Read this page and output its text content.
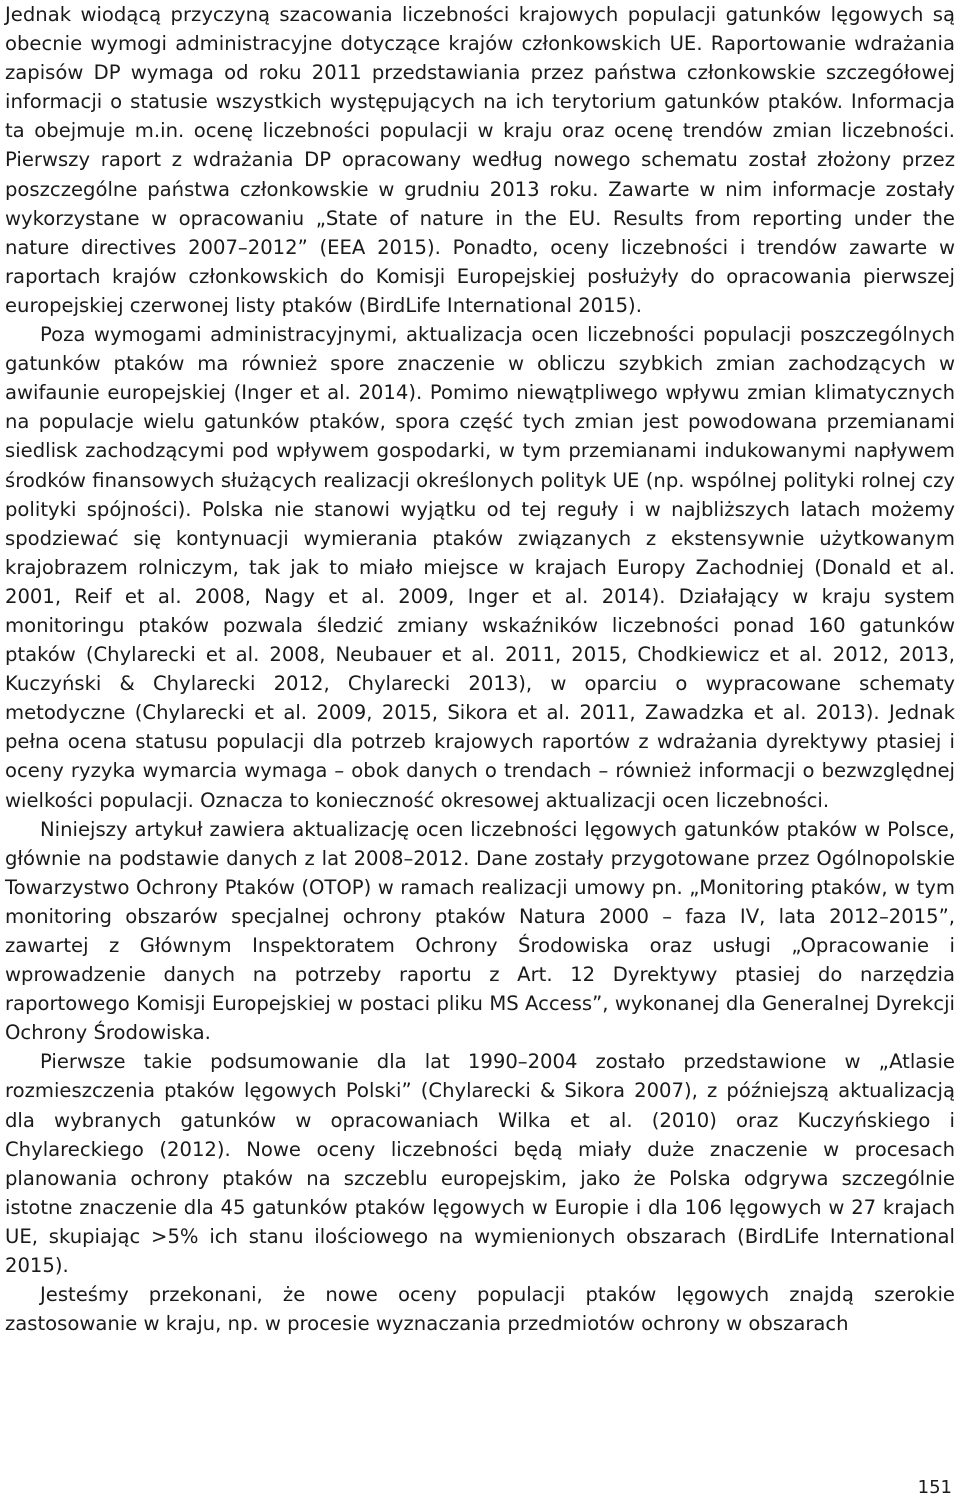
Jednak wiodącą przyczyną szacowania liczebności krajowych populacji gatunków lęgowych są obecnie wymogi administracyjne dotyczące krajów członkowskich UE. Raportowanie wdrażania zapisów DP wymaga od roku 2011 przedstawiania przez państwa członkowskie szczegółowej informacji o statusie wszystkich występujących na ich terytorium gatunków ptaków. Informacja ta obejmuje m.in. ocenę liczebności populacji w kraju oraz ocenę trendów zmian liczebności. Pierwszy raport z wdrażania DP opracowany według nowego schematu został złożony przez poszczególne państwa członkowskie w grudniu 2013 roku. Zawarte w nim informacje zostały wykorzystane w opracowaniu „State of nature in the EU. Results from reporting under the nature directives 2007–2012” (EEA 2015). Ponadto, oceny liczebności i trendów zawarte w raportach krajów członkowskich do Komisji Europejskiej posłużyły do opracowania pierwszej europejskiej czerwonej listy ptaków (BirdLife International 2015).

Poza wymogami administracyjnymi, aktualizacja ocen liczebności populacji poszczególnych gatunków ptaków ma również spore znaczenie w obliczu szybkich zmian zachodzących w awifaunie europejskiej (Inger et al. 2014). Pomimo niewątpliwego wpływu zmian klimatycznych na populacje wielu gatunków ptaków, spora część tych zmian jest powodowana przemianami siedlisk zachodzącymi pod wpływem gospodarki, w tym przemianami indukowanymi napływem środków finansowych służących realizacji określonych polityk UE (np. wspólnej polityki rolnej czy polityki spójności). Polska nie stanowi wyjątku od tej reguły i w najbliższych latach możemy spodziewać się kontynuacji wymierania ptaków związanych z ekstensywnie użytkowanym krajobrazem rolniczym, tak jak to miało miejsce w krajach Europy Zachodniej (Donald et al. 2001, Reif et al. 2008, Nagy et al. 2009, Inger et al. 2014). Działający w kraju system monitoringu ptaków pozwala śledzić zmiany wskaźników liczebności ponad 160 gatunków ptaków (Chylarecki et al. 2008, Neubauer et al. 2011, 2015, Chodkiewicz et al. 2012, 2013, Kuczyński & Chylarecki 2012, Chylarecki 2013), w oparciu o wypracowane schematy metodyczne (Chylarecki et al. 2009, 2015, Sikora et al. 2011, Zawadzka et al. 2013). Jednak pełna ocena statusu populacji dla potrzeb krajowych raportów z wdrażania dyrektywy ptasiej i oceny ryzyka wymarcia wymaga – obok danych o trendach – również informacji o bezwzględnej wielkości populacji. Oznacza to konieczność okresowej aktualizacji ocen liczebności.

Niniejszy artykuł zawiera aktualizację ocen liczebności lęgowych gatunków ptaków w Polsce, głównie na podstawie danych z lat 2008–2012. Dane zostały przygotowane przez Ogólnopolskie Towarzystwo Ochrony Ptaków (OTOP) w ramach realizacji umowy pn. „Monitoring ptaków, w tym monitoring obszarów specjalnej ochrony ptaków Natura 2000 – faza IV, lata 2012–2015”, zawartej z Głównym Inspektoratem Ochrony Środowiska oraz usługi „Opracowanie i wprowadzenie danych na potrzeby raportu z Art. 12 Dyrektywy ptasiej do narzędzia raportowego Komisji Europejskiej w postaci pliku MS Access”, wykonanej dla Generalnej Dyrekcji Ochrony Środowiska.

Pierwsze takie podsumowanie dla lat 1990–2004 zostało przedstawione w „Atlasie rozmieszczenia ptaków lęgowych Polski” (Chylarecki & Sikora 2007), z późniejszą aktualizacją dla wybranych gatunków w opracowaniach Wilka et al. (2010) oraz Kuczyńskiego i Chylareckiego (2012). Nowe oceny liczebności będą miały duże znaczenie w procesach planowania ochrony ptaków na szczeblu europejskim, jako że Polska odgrywa szczególnie istotne znaczenie dla 45 gatunków ptaków lęgowych w Europie i dla 106 lęgowych w 27 krajach UE, skupiając >5% ich stanu ilościowego na wymienionych obszarach (BirdLife International 2015).

Jesteśmy przekonani, że nowe oceny populacji ptaków lęgowych znajdą szerokie zastosowanie w kraju, np. w procesie wyznaczania przedmiotów ochrony w obszarach

151
